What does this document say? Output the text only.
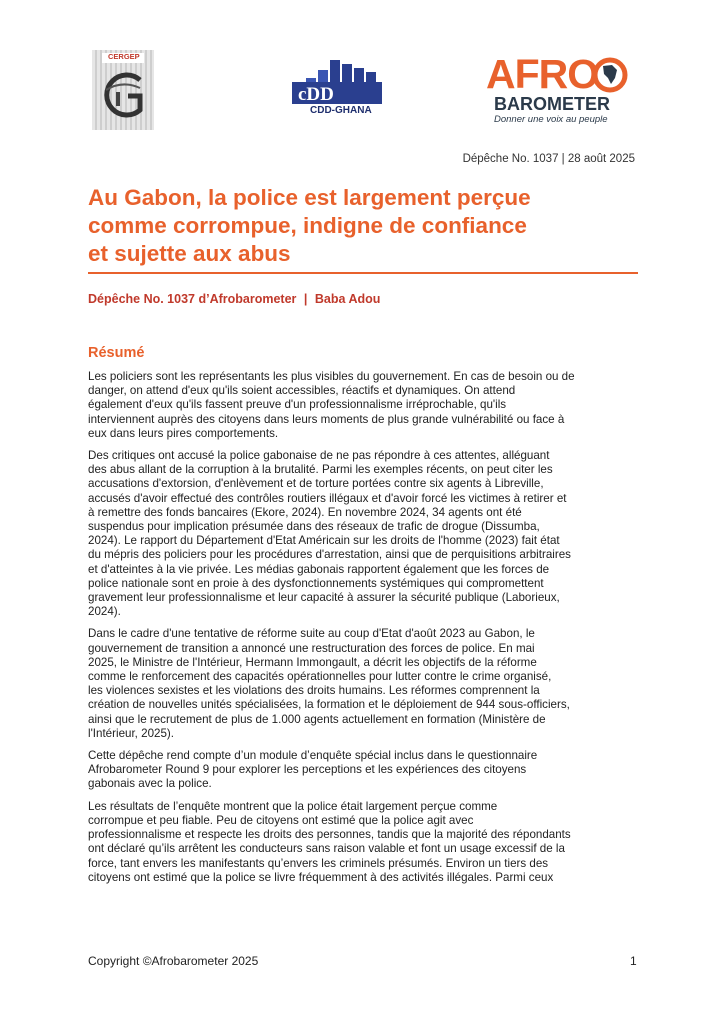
CERGEP
cDD
CDD-GHANA
AFRO
BAROMETER
Donner une voix au peuple
Dépêche No. 1037 | 28 août 2025
Au Gabon, la police est largement perçue
comme corrompue, indigne de confiance
et sujette aux abus
Dépêche No. 1037 d’Afrobarometer | Baba Adou
Résumé

Les policiers sont les représentants les plus visibles du gouvernement. En cas de besoin ou de
danger, on attend d'eux qu'ils soient accessibles, réactifs et dynamiques. On attend
également d'eux qu'ils fassent preuve d'un professionnalisme irréprochable, qu'ils
interviennent auprès des citoyens dans leurs moments de plus grande vulnérabilité ou face à
eux dans leurs pires comportements.

Des critiques ont accusé la police gabonaise de ne pas répondre à ces attentes, alléguant
des abus allant de la corruption à la brutalité. Parmi les exemples récents, on peut citer les
accusations d'extorsion, d'enlèvement et de torture portées contre six agents à Libreville,
accusés d'avoir effectué des contrôles routiers illégaux et d'avoir forcé les victimes à retirer et
à remettre des fonds bancaires (Ekore, 2024). En novembre 2024, 34 agents ont été
suspendus pour implication présumée dans des réseaux de trafic de drogue (Dissumba,
2024). Le rapport du Département d'Etat Américain sur les droits de l'homme (2023) fait état
du mépris des policiers pour les procédures d'arrestation, ainsi que de perquisitions arbitraires
et d'atteintes à la vie privée. Les médias gabonais rapportent également que les forces de
police nationale sont en proie à des dysfonctionnements systémiques qui compromettent
gravement leur professionnalisme et leur capacité à assurer la sécurité publique (Laborieux,
2024).

Dans le cadre d'une tentative de réforme suite au coup d'Etat d'août 2023 au Gabon, le
gouvernement de transition a annoncé une restructuration des forces de police. En mai
2025, le Ministre de l'Intérieur, Hermann Immongault, a décrit les objectifs de la réforme
comme le renforcement des capacités opérationnelles pour lutter contre le crime organisé,
les violences sexistes et les violations des droits humains. Les réformes comprennent la
création de nouvelles unités spécialisées, la formation et le déploiement de 944 sous-officiers,
ainsi que le recrutement de plus de 1.000 agents actuellement en formation (Ministère de
l'Intérieur, 2025).

Cette dépêche rend compte d’un module d’enquête spécial inclus dans le questionnaire
Afrobarometer Round 9 pour explorer les perceptions et les expériences des citoyens
gabonais avec la police.

Les résultats de l’enquête montrent que la police était largement perçue comme
corrompue et peu fiable. Peu de citoyens ont estimé que la police agit avec
professionnalisme et respecte les droits des personnes, tandis que la majorité des répondants
ont déclaré qu’ils arrêtent les conducteurs sans raison valable et font un usage excessif de la
force, tant envers les manifestants qu’envers les criminels présumés. Environ un tiers des
citoyens ont estimé que la police se livre fréquemment à des activités illégales. Parmi ceux

Copyright ©Afrobarometer 2025	1
